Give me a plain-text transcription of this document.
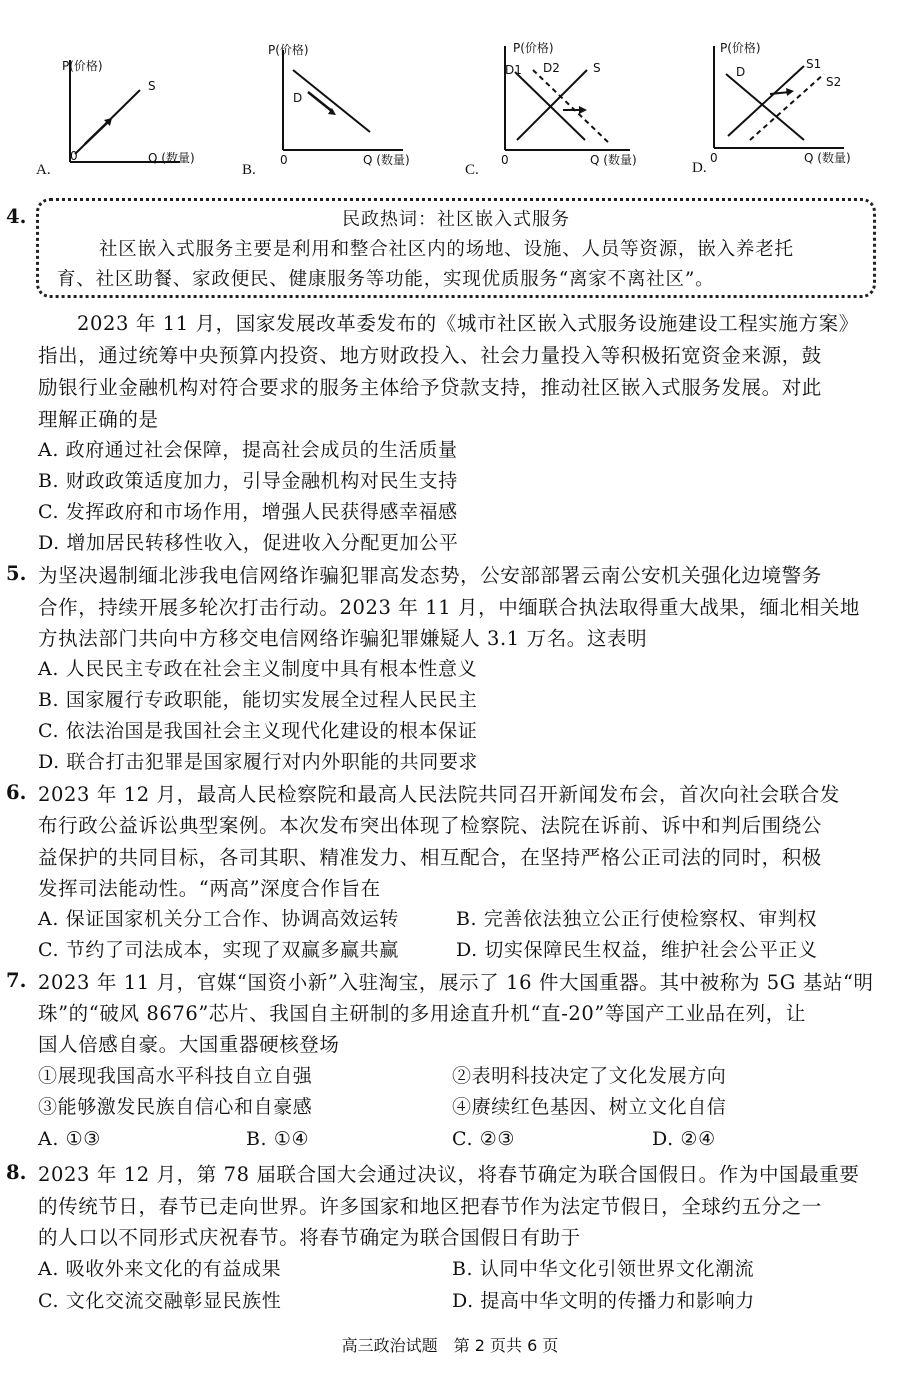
P(价格)
S
0	Q (数量)
A.
P(价格)
D
0	Q (数量)
B.
P(价格)
D1 D2	S
0	Q (数量)
C.
P(价格)
D
S1
S2
0	Q (数量)
D.
4.	民政热词：社区嵌入式服务
社区嵌入式服务主要是利用和整合社区内的场地、设施、人员等资源，嵌入养老托
育、社区助餐、家政便民、健康服务等功能，实现优质服务“离家不离社区”。
2023 年 11 月，国家发展改革委发布的《城市社区嵌入式服务设施建设工程实施方案》
指出，通过统筹中央预算内投资、地方财政投入、社会力量投入等积极拓宽资金来源，鼓
励银行业金融机构对符合要求的服务主体给予贷款支持，推动社区嵌入式服务发展。对此
理解正确的是
A. 政府通过社会保障，提高社会成员的生活质量
B. 财政政策适度加力，引导金融机构对民生支持
C. 发挥政府和市场作用，增强人民获得感幸福感
D. 增加居民转移性收入，促进收入分配更加公平
5. 为坚决遏制缅北涉我电信网络诈骗犯罪高发态势，公安部部署云南公安机关强化边境警务
合作，持续开展多轮次打击行动。2023 年 11 月，中缅联合执法取得重大战果，缅北相关地
方执法部门共向中方移交电信网络诈骗犯罪嫌疑人 3.1 万名。这表明
A. 人民民主专政在社会主义制度中具有根本性意义
B. 国家履行专政职能，能切实发展全过程人民民主
C. 依法治国是我国社会主义现代化建设的根本保证
D. 联合打击犯罪是国家履行对内外职能的共同要求
6. 2023 年 12 月，最高人民检察院和最高人民法院共同召开新闻发布会，首次向社会联合发
布行政公益诉讼典型案例。本次发布突出体现了检察院、法院在诉前、诉中和判后围绕公
益保护的共同目标，各司其职、精准发力、相互配合，在坚持严格公正司法的同时，积极
发挥司法能动性。“两高”深度合作旨在
A. 保证国家机关分工合作、协调高效运转	B. 完善依法独立公正行使检察权、审判权
C. 节约了司法成本，实现了双赢多赢共赢	D. 切实保障民生权益，维护社会公平正义
7. 2023 年 11 月，官媒“国资小新”入驻淘宝，展示了 16 件大国重器。其中被称为 5G 基站“明
珠”的“破风 8676”芯片、我国自主研制的多用途直升机“直-20”等国产工业品在列，让
国人倍感自豪。大国重器硬核登场
①展现我国高水平科技自立自强	②表明科技决定了文化发展方向
③能够激发民族自信心和自豪感	④赓续红色基因、树立文化自信
A. ①③	B. ①④	C. ②③	D. ②④
8. 2023 年 12 月，第 78 届联合国大会通过决议，将春节确定为联合国假日。作为中国最重要
的传统节日，春节已走向世界。许多国家和地区把春节作为法定节假日，全球约五分之一
的人口以不同形式庆祝春节。将春节确定为联合国假日有助于
A. 吸收外来文化的有益成果	B. 认同中华文化引领世界文化潮流
C. 文化交流交融彰显民族性	D. 提高中华文明的传播力和影响力
高三政治试题　第 2 页共 6 页
